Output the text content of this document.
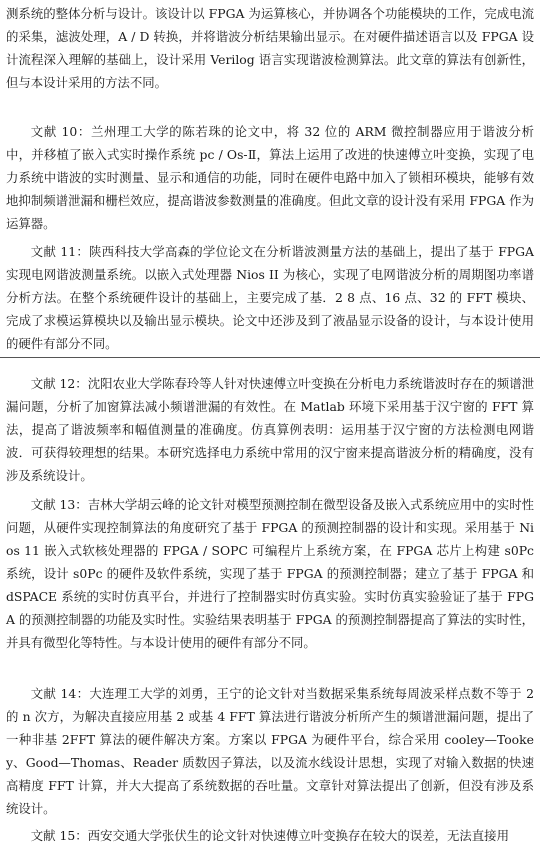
测系统的整体分析与设计。该设计以 FPGA 为运算核心，并协调各个功能模块的工作，完成电流的采集，滤波处理，A / D 转换，并将谐波分析结果输出显示。在对硬件描述语言以及 FPGA 设计流程深入理解的基础上，设计采用 Verilog 语言实现谐波检测算法。此文章的算法有创新性，但与本设计采用的方法不同。

文献 10：兰州理工大学的陈若珠的论文中，将 32 位的 ARM 微控制器应用于谐波分析中，并移植了嵌入式实时操作系统 pc / Os-Ⅱ，算法上运用了改进的快速傅立叶变换，实现了电力系统中谐波的实时测量、显示和通信的功能，同时在硬件电路中加入了锁相环模块，能够有效地抑制频谱泄漏和栅栏效应，提高谐波参数测量的准确度。但此文章的设计没有采用 FPGA 作为运算器。

文献 11：陕西科技大学高森的学位论文在分析谐波测量方法的基础上，提出了基于 FPGA 实现电网谐波测量系统。以嵌入式处理器 Nios II 为核心，实现了电网谐波分析的周期图功率谱分析方法。在整个系统硬件设计的基础上，主要完成了基．2 8 点、16 点、32 的 FFT 模块、完成了求模运算模块以及输出显示模块。论文中还涉及到了液晶显示设备的设计，与本设计使用的硬件有部分不同。

文献 12：沈阳农业大学陈春玲等人针对快速傅立叶变换在分析电力系统谐波时存在的频谱泄漏问题，分析了加窗算法减小频谱泄漏的有效性。在 Matlab 环境下采用基于汉宁窗的 FFT 算法，提高了谐波频率和幅值测量的准确度。仿真算例表明：运用基于汉宁窗的方法检测电网谐波．可获得较理想的结果。本研究选择电力系统中常用的汉宁窗来提高谐波分析的精确度，没有涉及系统设计。

文献 13：吉林大学胡云峰的论文针对模型预测控制在微型设备及嵌入式系统应用中的实时性问题，从硬件实现控制算法的角度研究了基于 FPGA 的预测控制器的设计和实现。采用基于 Nios 11 嵌入式软核处理器的 FPGA / SOPC 可编程片上系统方案，在 FPGA 芯片上构建 s0Pc 系统，设计 s0Pc 的硬件及软件系统，实现了基于 FPGA 的预测控制器；建立了基于 FPGA 和 dSPACE 系统的实时仿真平台，并进行了控制器实时仿真实验。实时仿真实验验证了基于 FPGA 的预测控制器的功能及实时性。实验结果表明基于 FPGA 的预测控制器提高了算法的实时性，并具有微型化等特性。与本设计使用的硬件有部分不同。

文献 14：大连理工大学的刘勇，王宁的论文针对当数据采集系统每周波采样点数不等于 2 的 n 次方，为解决直接应用基 2 或基 4 FFT 算法进行谐波分析所产生的频谱泄漏问题，提出了一种非基 2FFT 算法的硬件解决方案。方案以 FPGA 为硬件平台，综合采用 cooley—Tookey、Good—Thomas、Reader 质数因子算法，以及流水线设计思想，实现了对输入数据的快速高精度 FFT 计算，并大大提高了系统数据的吞吐量。文章针对算法提出了创新，但没有涉及系统设计。

文献 15：西安交通大学张伏生的论文针对快速傅立叶变换存在较大的误差，无法直接用
